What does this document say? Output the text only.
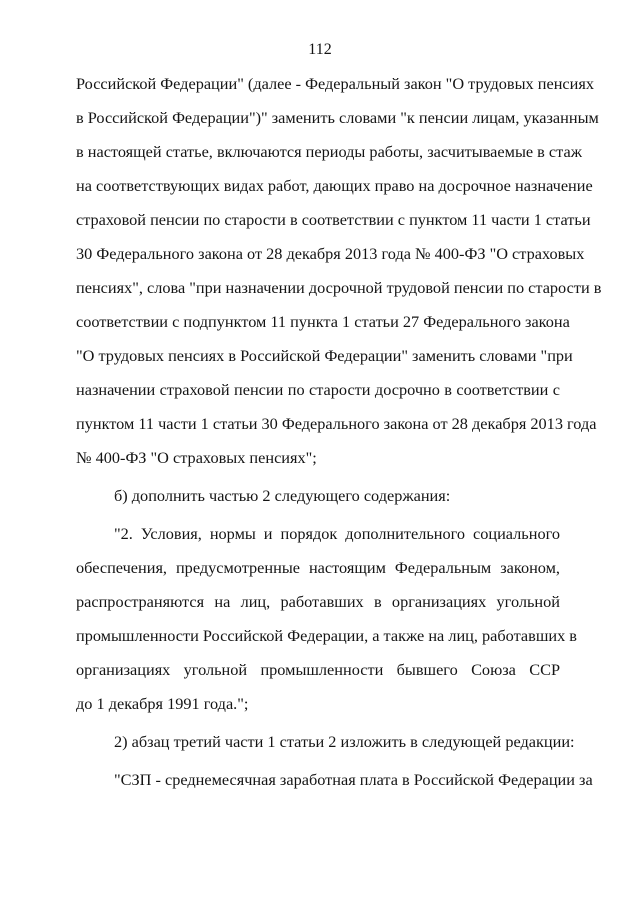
112
Российской Федерации" (далее - Федеральный закон "О трудовых пенсиях
в Российской Федерации")" заменить словами "к пенсии лицам, указанным
в настоящей статье, включаются периоды работы, засчитываемые в стаж
на соответствующих видах работ, дающих право на досрочное назначение
страховой пенсии по старости в соответствии с пунктом 11 части 1 статьи
30 Федерального закона от 28 декабря 2013 года № 400-ФЗ "О страховых
пенсиях", слова "при назначении досрочной трудовой пенсии по старости в
соответствии с подпунктом 11 пункта 1 статьи 27 Федерального закона
"О трудовых пенсиях в Российской Федерации" заменить словами "при
назначении страховой пенсии по старости досрочно в соответствии с
пунктом 11 части 1 статьи 30 Федерального закона от 28 декабря 2013 года
№ 400-ФЗ "О страховых пенсиях";
б) дополнить частью 2 следующего содержания:
"2. Условия, нормы и порядок дополнительного социального
обеспечения, предусмотренные настоящим Федеральным законом,
распространяются на лиц, работавших в организациях угольной
промышленности Российской Федерации, а также на лиц, работавших в
организациях угольной промышленности бывшего Союза ССР
до 1 декабря 1991 года.";
2) абзац третий части 1 статьи 2 изложить в следующей редакции:
"СЗП - среднемесячная заработная плата в Российской Федерации за
